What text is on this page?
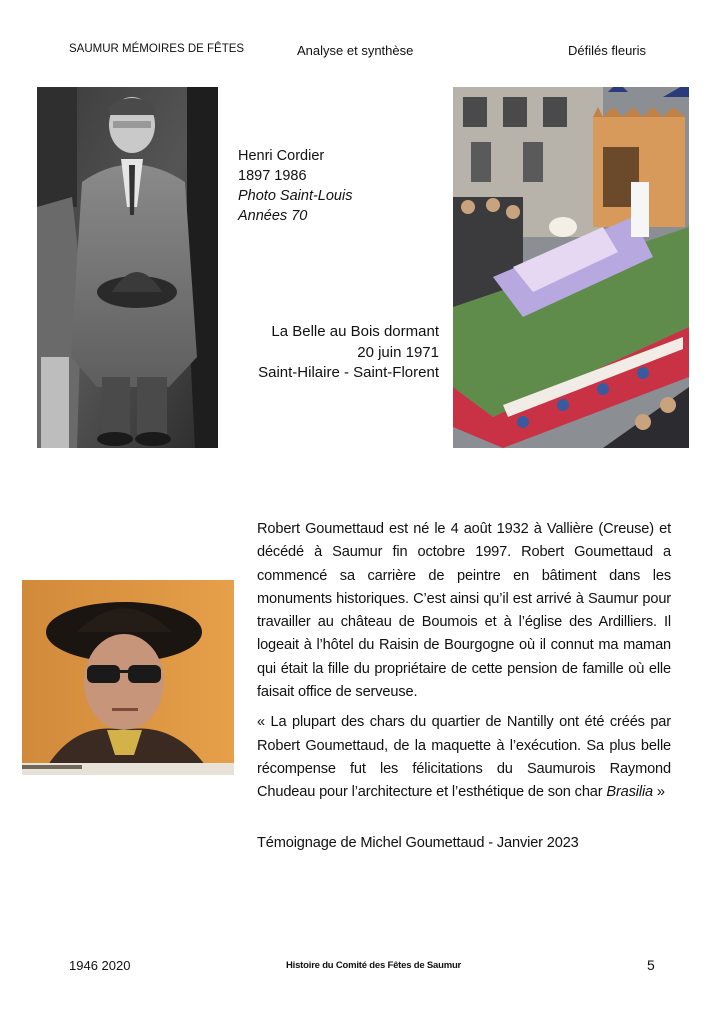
SAUMUR MÉMOIRES DE FÊTES	Analyse et synthèse	Défilés fleuris
Henri Cordier
1897 1986
Photo Saint-Louis
Années 70
La Belle au Bois dormant
20 juin 1971
Saint-Hilaire - Saint-Florent

Robert Goumettaud est né le 4 août 1932 à Vallière (Creuse) et décédé à Saumur fin octobre 1997. Robert Goumettaud a commencé sa carrière de peintre en bâtiment dans les monuments historiques. C’est ainsi qu’il est arrivé à Saumur pour travailler au château de Boumois et à l’église des Ardilliers. Il logeait à l’hôtel du Raisin de Bourgogne où il connut ma maman qui était la fille du propriétaire de cette pension de famille où elle faisait office de serveuse.

« La plupart des chars du quartier de Nantilly ont été créés par Robert Goumettaud, de la maquette à l’exécution. Sa plus belle récompense fut les félicitations du Saumurois Raymond Chudeau pour l’architecture et l’esthétique de son char Brasilia »

Témoignage de Michel Goumettaud - Janvier 2023
1946 2020	Histoire du Comité des Fêtes de Saumur	5
